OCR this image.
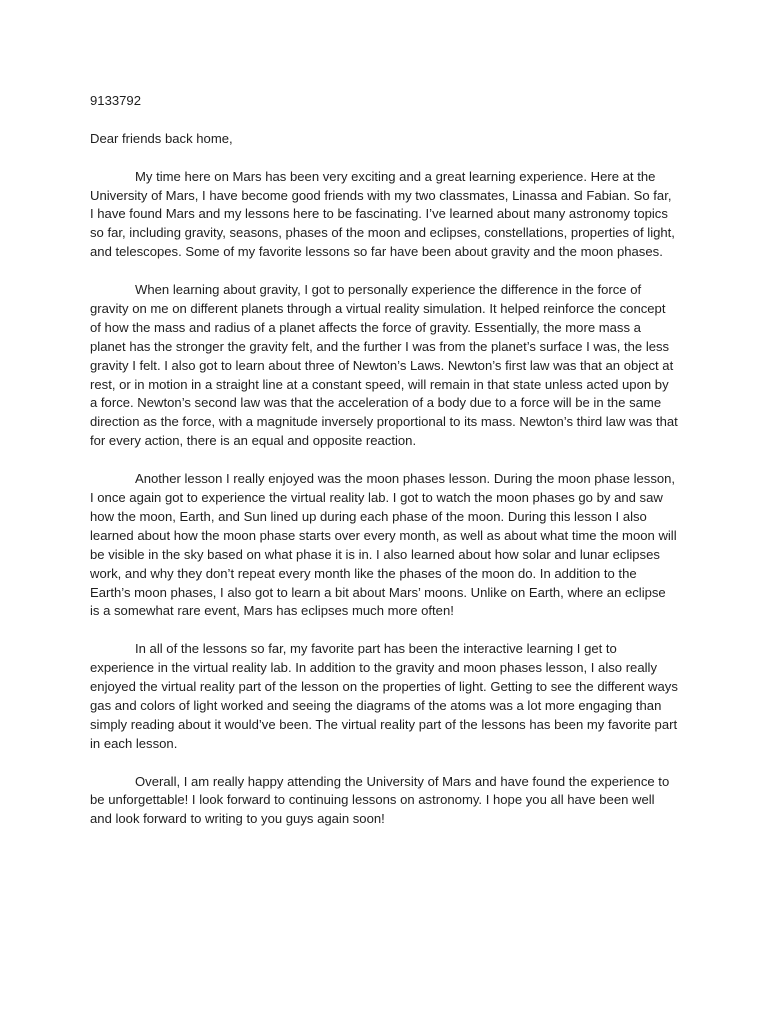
9133792

Dear friends back home,

My time here on Mars has been very exciting and a great learning experience. Here at the University of Mars, I have become good friends with my two classmates, Linassa and Fabian. So far, I have found Mars and my lessons here to be fascinating. I’ve learned about many astronomy topics so far, including gravity, seasons, phases of the moon and eclipses, constellations, properties of light, and telescopes. Some of my favorite lessons so far have been about gravity and the moon phases.

When learning about gravity, I got to personally experience the difference in the force of gravity on me on different planets through a virtual reality simulation. It helped reinforce the concept of how the mass and radius of a planet affects the force of gravity. Essentially, the more mass a planet has the stronger the gravity felt, and the further I was from the planet’s surface I was, the less gravity I felt. I also got to learn about three of Newton’s Laws. Newton’s first law was that an object at rest, or in motion in a straight line at a constant speed, will remain in that state unless acted upon by a force. Newton’s second law was that the acceleration of a body due to a force will be in the same direction as the force, with a magnitude inversely proportional to its mass. Newton’s third law was that for every action, there is an equal and opposite reaction.

Another lesson I really enjoyed was the moon phases lesson. During the moon phase lesson, I once again got to experience the virtual reality lab. I got to watch the moon phases go by and saw how the moon, Earth, and Sun lined up during each phase of the moon. During this lesson I also learned about how the moon phase starts over every month, as well as about what time the moon will be visible in the sky based on what phase it is in. I also learned about how solar and lunar eclipses work, and why they don’t repeat every month like the phases of the moon do. In addition to the Earth’s moon phases, I also got to learn a bit about Mars’ moons. Unlike on Earth, where an eclipse is a somewhat rare event, Mars has eclipses much more often!

In all of the lessons so far, my favorite part has been the interactive learning I get to experience in the virtual reality lab. In addition to the gravity and moon phases lesson, I also really enjoyed the virtual reality part of the lesson on the properties of light. Getting to see the different ways gas and colors of light worked and seeing the diagrams of the atoms was a lot more engaging than simply reading about it would’ve been. The virtual reality part of the lessons has been my favorite part in each lesson.

Overall, I am really happy attending the University of Mars and have found the experience to be unforgettable! I look forward to continuing lessons on astronomy. I hope you all have been well and look forward to writing to you guys again soon!
